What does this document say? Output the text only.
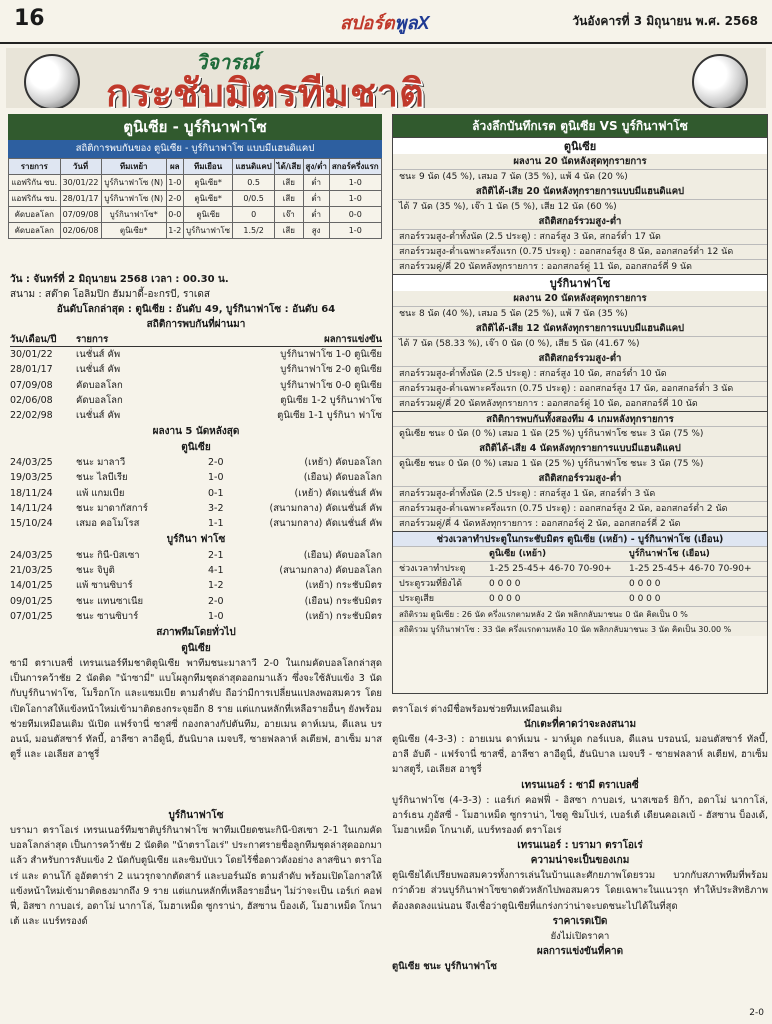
16	สปอร์ตพูลX	วันอังคารที่ 3 มิถุนายน พ.ศ. 2568
วิจารณ์
กระชับมิตรทีมชาติ
ตูนิเซีย - บูร์กินาฟาโซ
สถิติการพบกันของ ตูนิเซีย - บูร์กินาฟาโซ แบบมีแฮนดิแคป
รายการ	วันที่	ทีมเหย้า	ผล	ทีมเยือน	แฮนดิแคป	ได้/เสีย	สูง/ต่ำ	สกอร์ครึ่งแรก
แอฟริกัน ซบ.	30/01/22	บูร์กินาฟาโซ (N)	1-0	ตูนิเซีย*	0.5	เสีย	ต่ำ	1-0
แอฟริกัน ซบ.	28/01/17	บูร์กินาฟาโซ (N)	2-0	ตูนิเซีย*	0/0.5	เสีย	ต่ำ	1-0
คัดบอลโลก	07/09/08	บูร์กินาฟาโซ*	0-0	ตูนิเซีย	0	เจ๊า	ต่ำ	0-0
คัดบอลโลก	02/06/08	ตูนิเซีย*	1-2	บูร์กินาฟาโซ	1.5/2	เสีย	สูง	1-0
วัน : จันทร์ที่ 2 มิถุนายน 2568 เวลา : 00.30 น.
สนาม : สต๊าด โอลิมปิก ฮัมมาดี้-อะกรบี, ราเดส
อันดับโลกล่าสุด : ตูนิเซีย : อันดับ 49, บูร์กินาฟาโซ : อันดับ 64
สถิติการพบกันที่ผ่านมา
วัน/เดือน/ปี	รายการ	ผลการแข่งขัน
30/01/22	เนชั่นส์ คัพ	บูร์กินาฟาโซ 1-0 ตูนิเซีย
28/01/17	เนชั่นส์ คัพ	บูร์กินาฟาโซ 2-0 ตูนิเซีย
07/09/08	คัดบอลโลก	บูร์กินาฟาโซ 0-0 ตูนิเซีย
02/06/08	คัดบอลโลก	ตูนิเซีย 1-2 บูร์กินาฟาโซ
22/02/98	เนชั่นส์ คัพ	ตูนิเซีย 1-1 บูร์กินา ฟาโซ
ผลงาน 5 นัดหลังสุด
ตูนิเซีย
24/03/25	ชนะ มาลาวี	2-0	(เหย้า) คัดบอลโลก
19/03/25	ชนะ ไลบีเรีย	1-0	(เยือน) คัดบอลโลก
18/11/24	แพ้ แกมเบีย	0-1	(เหย้า) คัดเนชั่นส์ คัพ
14/11/24	ชนะ มาดากัสการ์	3-2	(สนามกลาง) คัดเนชั่นส์ คัพ
15/10/24	เสมอ คอโมโรส	1-1	(สนามกลาง) คัดเนชั่นส์ คัพ
บูร์กินา ฟาโซ
24/03/25	ชนะ กินี-บิสเซา	2-1	(เยือน) คัดบอลโลก
21/03/25	ชนะ จิบูติ	4-1	(สนามกลาง) คัดบอลโลก
14/01/25	แพ้ ซานซิบาร์	1-2	(เหย้า) กระชับมิตร
09/01/25	ชนะ แทนซาเนีย	2-0	(เยือน) กระชับมิตร
07/01/25	ชนะ ซานซิบาร์	1-0	(เหย้า) กระชับมิตร
สภาพทีมโดยทั่วไป
ตูนิเซีย
ซามี ตราเบลซี่ เทรนเนอร์ทีมชาติตูนิเซีย พาทีมชนะมาลาวี 2-0 ในเกมคัดบอลโลกล่าสุด เป็นการคว้าชัย 2 นัดติด "น้าซามี่" แบโผลูกทีมชุดล่าสุดออกมาแล้ว ซึ่งจะใช้ลับแข้ง 3 นัดกับบูร์กินาฟาโซ, โมร็อกโก และแซมเบีย ตามลำดับ ถือว่ามีการเปลี่ยนแปลงพอสมควร โดยเปิดโอกาสให้แข้งหน้าใหม่เข้ามาติดธงกระจุยอีก 8 ราย แต่แกนหลักที่เหลือรายอื่นๆ ยังพร้อมช่วยทีมเหมือนเดิม นัเปิด แฟร์จานี่ ซาสซี่ กองกลางกัปตันทีม, อายเมน ดาห์เมน, ดีแลน บรอนน์, มอนตัสซาร์ ทัลบี้, อาลีซา ลาอีดูนี่, ฮันนิบาล เมจบรี, ซายฟลลาห์ ลเตียฟ, ฮาเซ็ม มาสตูรี่ และ เอเลียส อาชูรี่
บูร์กินาฟาโซ
บรามา ตราโอเร่ เทรนเนอร์ทีมชาติบูร์กินาฟาโซ พาทีมเบียดชนะกินี-บิสเซา 2-1 ในเกมคัดบอลโลกล่าสุด เป็นการคว้าชัย 2 นัดติด "น้าตราโอเร่" ประกาศรายชื่อลูกทีมชุดล่าสุดออกมาแล้ว สำหรับการลับแข้ง 2 นัดกับตูนิเซีย และซิมบับเว โดยไร้ชื่อดาวดังอย่าง ลาสซินา ตราโอเร่ และ ดานโก้ อูอัตตาร่า 2 แนวรุกจากตัดสาร์ และบอร์นมัธ ตามลำดับ พร้อมเปิดโอกาสให้แข้งหน้าใหม่เข้ามาติดธงมากถึง 9 ราย แต่แกนหลักที่เหลือรายอื่นๆ ไม่ว่าจะเป็น เอร์เก่ คอฟฟี่, อิสซา กาบอเร่, อดาโม่ นากาโล่, โมฮาเหม็ด ซูกราน่า, ฮัสซาน บ็องเด้, โมฮาเหม็ด โกนาเต้ และ แบร์ทรองด์
ล้วงลึกบันทึกเรต ตูนิเซีย VS บูร์กินาฟาโซ
ตูนิเซีย
ผลงาน 20 นัดหลังสุดทุกรายการ
ชนะ 9 นัด (45 %), เสมอ 7 นัด (35 %), แพ้ 4 นัด (20 %)
สถิติได้-เสีย 20 นัดหลังทุกรายการแบบมีแฮนดิแคป
ได้ 7 นัด (35 %), เจ๊า 1 นัด (5 %), เสีย 12 นัด (60 %)
สถิติสกอร์รวมสูง-ต่ำ
สกอร์รวมสูง-ต่ำทั้งนัด (2.5 ประตู) : สกอร์สูง 3 นัด, สกอร์ต่ำ 17 นัด
สกอร์รวมสูง-ต่ำเฉพาะครึ่งแรก (0.75 ประตู) : ออกสกอร์สูง 8 นัด, ออกสกอร์ต่ำ 12 นัด
สกอร์รวมคู่/คี่ 20 นัดหลังทุกรายการ : ออกสกอร์คู่ 11 นัด, ออกสกอร์คี่ 9 นัด
บูร์กินาฟาโซ
ผลงาน 20 นัดหลังสุดทุกรายการ
ชนะ 8 นัด (40 %), เสมอ 5 นัด (25 %), แพ้ 7 นัด (35 %)
สถิติได้-เสีย 12 นัดหลังทุกรายการแบบมีแฮนดิแคป
ได้ 7 นัด (58.33 %), เจ๊า 0 นัด (0 %), เสีย 5 นัด (41.67 %)
สถิติสกอร์รวมสูง-ต่ำ
สกอร์รวมสูง-ต่ำทั้งนัด (2.5 ประตู) : สกอร์สูง 10 นัด, สกอร์ต่ำ 10 นัด
สกอร์รวมสูง-ต่ำเฉพาะครึ่งแรก (0.75 ประตู) : ออกสกอร์สูง 17 นัด, ออกสกอร์ต่ำ 3 นัด
สกอร์รวมคู่/คี่ 20 นัดหลังทุกรายการ : ออกสกอร์คู่ 10 นัด, ออกสกอร์คี่ 10 นัด
สถิติการพบกันทั้งสองทีม 4 เกมหลังทุกรายการ
ตูนิเซีย ชนะ 0 นัด (0 %) เสมอ 1 นัด (25 %) บูร์กินาฟาโซ ชนะ 3 นัด (75 %)
สถิติได้-เสีย 4 นัดหลังทุกรายการแบบมีแฮนดิแคป
ตูนิเซีย ชนะ 0 นัด (0 %) เสมอ 1 นัด (25 %) บูร์กินาฟาโซ ชนะ 3 นัด (75 %)
สถิติสกอร์รวมสูง-ต่ำ
สกอร์รวมสูง-ต่ำทั้งนัด (2.5 ประตู) : สกอร์สูง 1 นัด, สกอร์ต่ำ 3 นัด
สกอร์รวมสูง-ต่ำเฉพาะครึ่งแรก (0.75 ประตู) : ออกสกอร์สูง 2 นัด, ออกสกอร์ต่ำ 2 นัด
สกอร์รวมคู่/คี่ 4 นัดหลังทุกรายการ : ออกสกอร์คู่ 2 นัด, ออกสกอร์คี่ 2 นัด
ช่วงเวลาทำประตูในกระชับมิตร ตูนิเซีย (เหย้า) - บูร์กินาฟาโซ (เยือน)
ตูนิเซีย (เหย้า)	บูร์กินาฟาโซ (เยือน)
ช่วงเวลาทำประตู	1-25 25-45+ 46-70 70-90+	1-25 25-45+ 46-70 70-90+
ประตูรวมที่ยิงได้	0 0 0 0	0 0 0 0
ประตูเสีย	0 0 0 0	0 0 0 0
สถิติรวม ตูนิเซีย : 26 นัด ครึ่งแรกตามหลัง 2 นัด พลิกกลับมาชนะ 0 นัด คิดเป็น 0 %
สถิติรวม บูร์กินาฟาโซ : 33 นัด ครึ่งแรกตามหลัง 10 นัด พลิกกลับมาชนะ 3 นัด คิดเป็น 30.00 %
ตราโอเร่ ต่างมีชื่อพร้อมช่วยทีมเหมือนเดิม
นักเตะที่คาดว่าจะลงสนาม
ตูนิเซีย (4-3-3) : อายเมน ดาห์เมน - มาห์มูด กอร์แบล, ดีแลน บรอนน์, มอนตัสซาร์ ทัลบี้, อาลี อับดี - แฟร์จานี่ ซาสซี่, อาลีซา ลาอีดูนี่, ฮันนิบาล เมจบรี - ซายฟลลาห์ ลเตียฟ, ฮาเซ็ม มาสตูรี่, เอเลียส อาชูรี่
เทรนเนอร์ : ซามี ตราเบลซี่
บูร์กินาฟาโซ (4-3-3) : แอร์เก่ คอฟฟี่ - อิสซา กาบอเร่, นาสเซอร์ ยิก้า, อดาโม่ นากาโล่, อาร์เธน ภูอัสซี่ - โมฮาเหม็ด ซูกราน่า, ไซดู ซิมโปเร่, เบอร์เต้ เดียนคอเลเบ้ - ฮัสซาน บ็องเด้, โมฮาเหม็ด โกนาเต้, แบร์ทรองด์ ตราโอเร่
เทรนเนอร์ : บรามา ตราโอเร่
ความน่าจะเป็นของเกม
ตูนิเซียได้เปรียบพอสมควรทั้งการเล่นในบ้านและศักยภาพโดยรวม บวกกับสภาพทีมที่พร้อมกว่าด้วย ส่วนบูร์กินาฟาโซขาดตัวหลักไปพอสมควร โดยเฉพาะในแนวรุก ทำให้ประสิทธิภาพต้องลดลงแน่นอน จึงเชื่อว่าตูนิเซียที่แกร่งกว่าน่าจะบดชนะไปได้ในที่สุด
ราคาเรตเปิด
ยังไม่เปิดราคา
ผลการแข่งขันที่คาด
ตูนิเซีย ชนะ บูร์กินาฟาโซ
2-0
